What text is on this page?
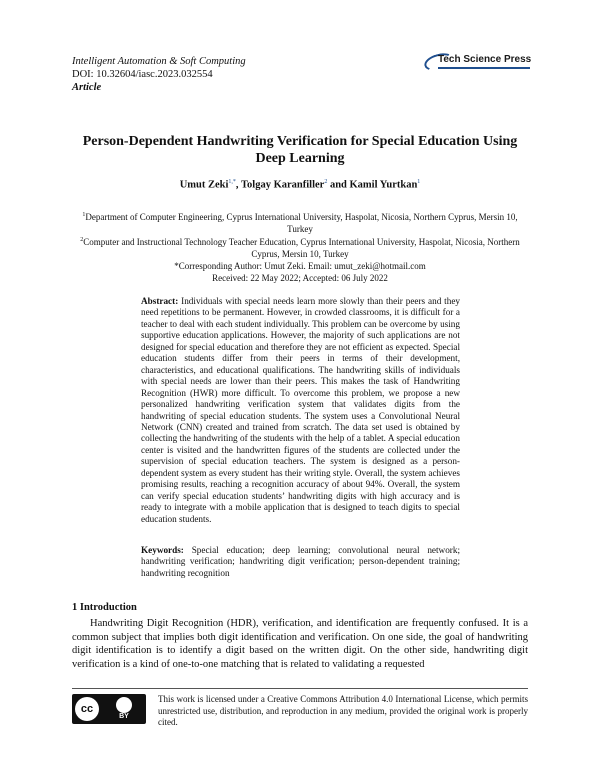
Intelligent Automation & Soft Computing
DOI: 10.32604/iasc.2023.032554
Article
Tech Science Press
Person-Dependent Handwriting Verification for Special Education Using Deep Learning
Umut Zeki$^{1,*}$, Tolgay Karanfiller$^2$ and Kamil Yurtkan$^1$

$^1$Department of Computer Engineering, Cyprus International University, Haspolat, Nicosia, Northern Cyprus, Mersin 10, Turkey

$^2$Computer and Instructional Technology Teacher Education, Cyprus International University, Haspolat, Nicosia, Northern Cyprus, Mersin 10, Turkey

*Corresponding Author: Umut Zeki. Email: umut_zeki@hotmail.com

Received: 22 May 2022; Accepted: 06 July 2022

Abstract: Individuals with special needs learn more slowly than their peers and they need repetitions to be permanent. However, in crowded classrooms, it is difficult for a teacher to deal with each student individually. This problem can be overcome by using supportive education applications. However, the majority of such applications are not designed for special education and therefore they are not efficient as expected. Special education students differ from their peers in terms of their development, characteristics, and educational qualifications. The handwriting skills of individuals with special needs are lower than their peers. This makes the task of Handwriting Recognition (HWR) more difficult. To overcome this problem, we propose a new personalized handwriting verification system that validates digits from the handwriting of special education students. The system uses a Convolutional Neural Network (CNN) created and trained from scratch. The data set used is obtained by collecting the handwriting of the students with the help of a tablet. A special education center is visited and the handwritten figures of the students are collected under the supervision of special education teachers. The system is designed as a person-dependent system as every student has their writing style. Overall, the system achieves promising results, reaching a recognition accuracy of about 94%. Overall, the system can verify special education students’ handwriting digits with high accuracy and is ready to integrate with a mobile application that is designed to teach digits to special education students.
Keywords: Special education; deep learning; convolutional neural network; handwriting verification; handwriting digit verification; person-dependent training; handwriting recognition
1 Introduction
Handwriting Digit Recognition (HDR), verification, and identification are frequently confused. It is a common subject that implies both digit identification and verification. On one side, the goal of handwriting digit identification is to identify a digit based on the written digit. On the other side, handwriting digit verification is a kind of one-to-one matching that is related to validating a requested
cc
BY
This work is licensed under a Creative Commons Attribution 4.0 International License, which permits unrestricted use, distribution, and reproduction in any medium, provided the original work is properly cited.
